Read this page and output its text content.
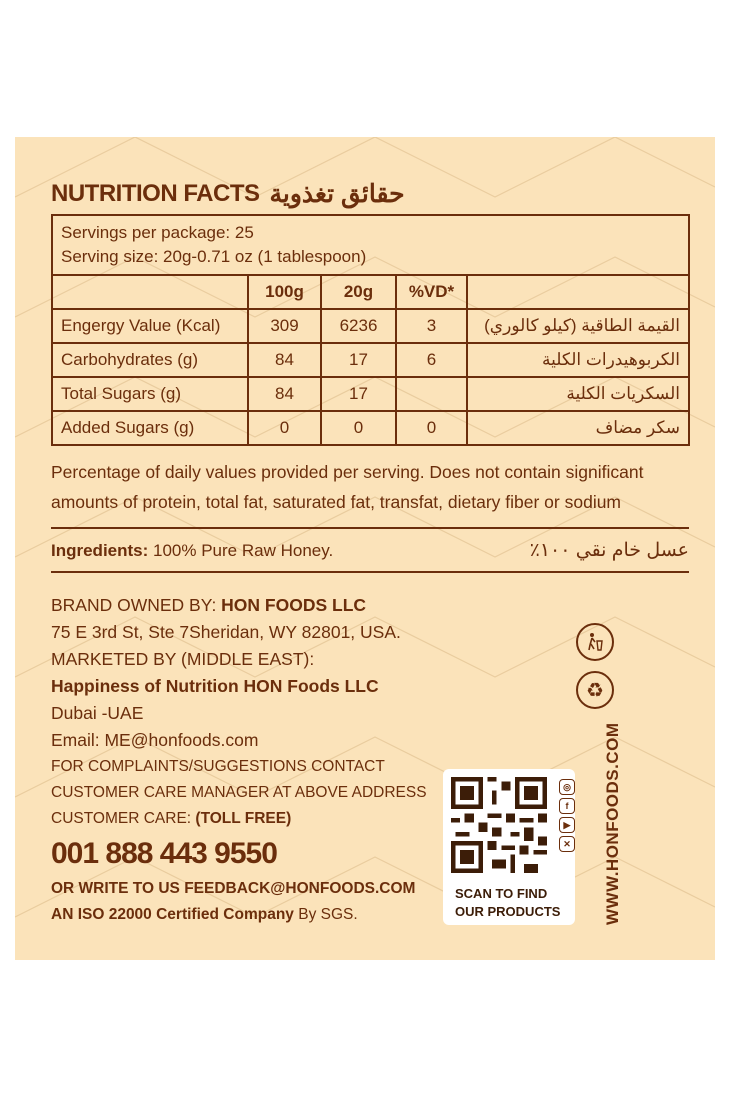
NUTRITION FACTS حقائق تغذوية
Servings per package: 25
Serving size: 20g-0.71 oz (1 tablespoon)				

	100g	20g	%VD*	
Engergy Value (Kcal)	309	6236	3	القيمة الطاقية (كيلو كالوري)
Carbohydrates (g)	84	17	6	الكربوهيدرات الكلية
Total Sugars (g)	84	17		السكريات الكلية
Added Sugars (g)	0	0	0	سكر مضاف
Percentage of daily values provided per serving. Does not contain significant amounts of protein, total fat, saturated fat, transfat, dietary fiber or sodium
Ingredients: 100% Pure Raw Honey.	عسل خام نقي ١٠٠٪
BRAND OWNED BY: HON FOODS LLC
75 E 3rd St, Ste 7Sheridan, WY 82801, USA.
MARKETED BY (MIDDLE EAST):
Happiness of Nutrition HON Foods LLC
Dubai -UAE
Email: ME@honfoods.com
FOR COMPLAINTS/SUGGESTIONS CONTACT
CUSTOMER CARE MANAGER AT ABOVE ADDRESS
CUSTOMER CARE: (TOLL FREE)
001 888 443 9550
OR WRITE TO US FEEDBACK@HONFOODS.COM
AN ISO 22000 Certified Company By SGS.
♻
SCAN TO FIND
OUR PRODUCTS
◎
f
▶
✕ WWW.HONFOODS.COM
